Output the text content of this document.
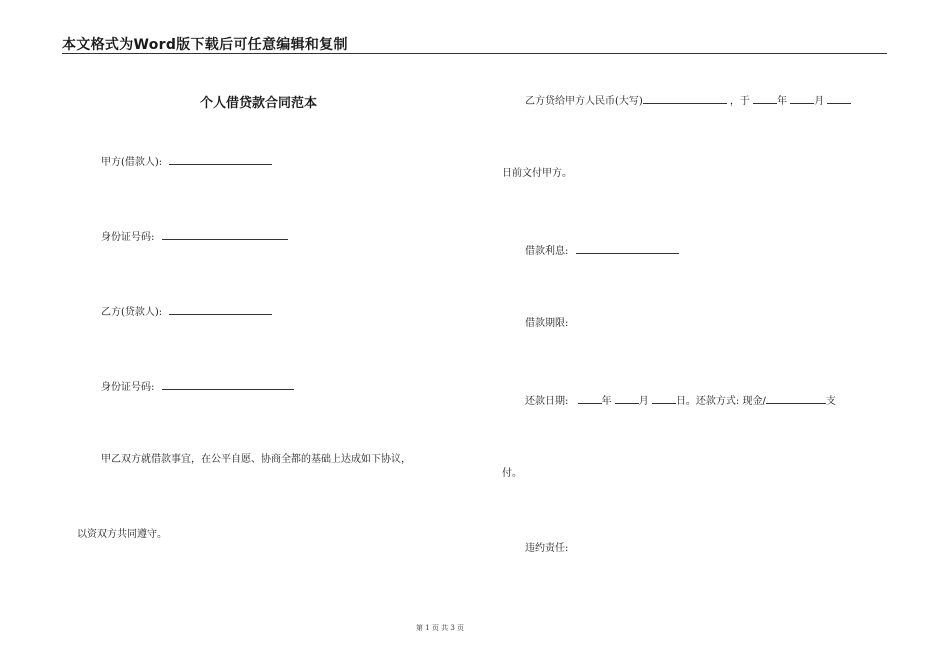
本文格式为Word版下载后可任意编辑和复制
个人借贷款合同范本
甲方(借款人):
身份证号码:
乙方(贷款人):
身份证号码:
甲乙双方就借款事宜，在公平自愿、协商全都的基础上达成如下协议，
以资双方共同遵守。
乙方贷给甲方人民币(大写)	，于	年	月
日前文付甲方。
借款利息:
借款期限:
还款日期:	年	月	日。还款方式: 现金/	支
付。
违约责任:
第 1 页 共 3 页
